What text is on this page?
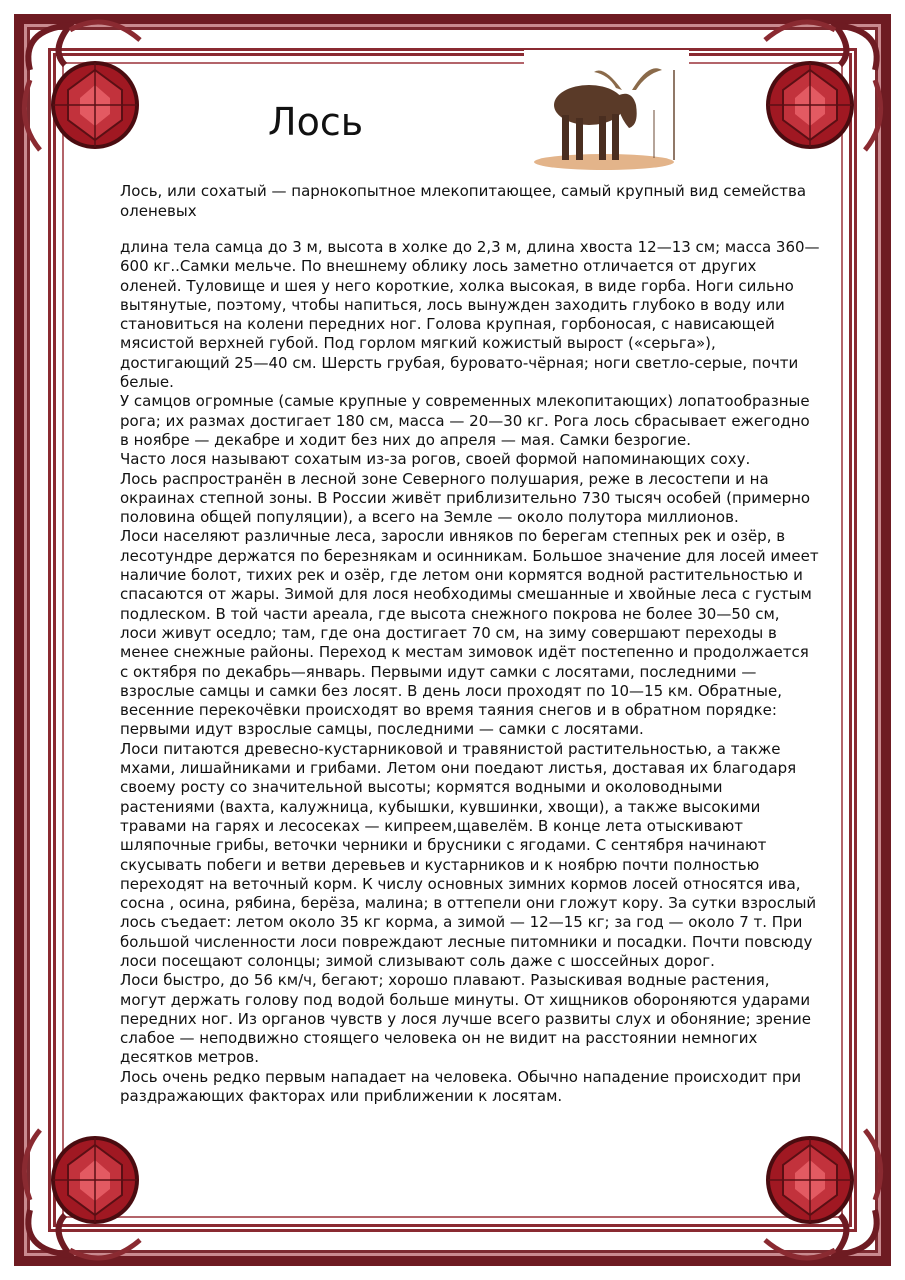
Лось
Лось, или сохатый — парнокопытное млекопитающее, самый крупный вид семейства оленевых

длина тела самца до 3 м, высота в холке до 2,3 м, длина хвоста 12—13 см; масса 360—600 кг..Самки мельче. По внешнему облику лось заметно отличается от других оленей. Туловище и шея у него короткие, холка высокая, в виде горба. Ноги сильно вытянутые, поэтому, чтобы напиться, лось вынужден заходить глубоко в воду или становиться на колени передних ног. Голова крупная, горбоносая, с нависающей мясистой верхней губой. Под горлом мягкий кожистый вырост («серьга»), достигающий 25—40 см. Шерсть грубая, буровато-чёрная; ноги светло-серые, почти белые.

У самцов огромные (самые крупные у современных млекопитающих) лопатообразные рога; их размах достигает 180 см, масса — 20—30 кг. Рога лось сбрасывает ежегодно в ноябре — декабре и ходит без них до апреля — мая. Самки безрогие.

Часто лося называют сохатым из-за рогов, своей формой напоминающих соху.

Лось распространён в лесной зоне Северного полушария, реже в лесостепи и на окраинах степной зоны. В России живёт приблизительно 730 тысяч особей (примерно половина общей популяции), а всего на Земле — около полутора миллионов.

Лоси населяют различные леса, заросли ивняков по берегам степных рек и озёр, в лесотундре держатся по березнякам и осинникам. Большое значение для лосей имеет наличие болот, тихих рек и озёр, где летом они кормятся водной растительностью и спасаются от жары. Зимой для лося необходимы смешанные и хвойные леса с густым подлеском. В той части ареала, где высота снежного покрова не более 30—50 см, лоси живут оседло; там, где она достигает 70 см, на зиму совершают переходы в менее снежные районы. Переход к местам зимовок идёт постепенно и продолжается с октября по декабрь—январь. Первыми идут самки с лосятами, последними — взрослые самцы и самки без лосят. В день лоси проходят по 10—15 км. Обратные, весенние перекочёвки происходят во время таяния снегов и в обратном порядке: первыми идут взрослые самцы, последними — самки с лосятами.

Лоси питаются древесно-кустарниковой и травянистой растительностью, а также мхами, лишайниками и грибами. Летом они поедают листья, доставая их благодаря своему росту со значительной высоты; кормятся водными и околоводными растениями (вахта, калужница, кубышки, кувшинки, хвощи), а также высокими травами на гарях и лесосеках — кипреем,щавелём. В конце лета отыскивают шляпочные грибы, веточки черники и брусники с ягодами. С сентября начинают скусывать побеги и ветви деревьев и кустарников и к ноябрю почти полностью переходят на веточный корм. К числу основных зимних кормов лосей относятся ива, сосна , осина, рябина, берёза, малина; в оттепели они гложут кору. За сутки взрослый лось съедает: летом около 35 кг корма, а зимой — 12—15 кг; за год — около 7 т. При большой численности лоси повреждают лесные питомники и посадки. Почти повсюду лоси посещают солонцы; зимой слизывают соль даже с шоссейных дорог.

Лоси быстро, до 56 км/ч, бегают; хорошо плавают. Разыскивая водные растения, могут держать голову под водой больше минуты. От хищников обороняются ударами передних ног. Из органов чувств у лося лучше всего развиты слух и обоняние; зрение слабое — неподвижно стоящего человека он не видит на расстоянии немногих десятков метров.

Лось очень редко первым нападает на человека. Обычно нападение происходит при раздражающих факторах или приближении к лосятам.
